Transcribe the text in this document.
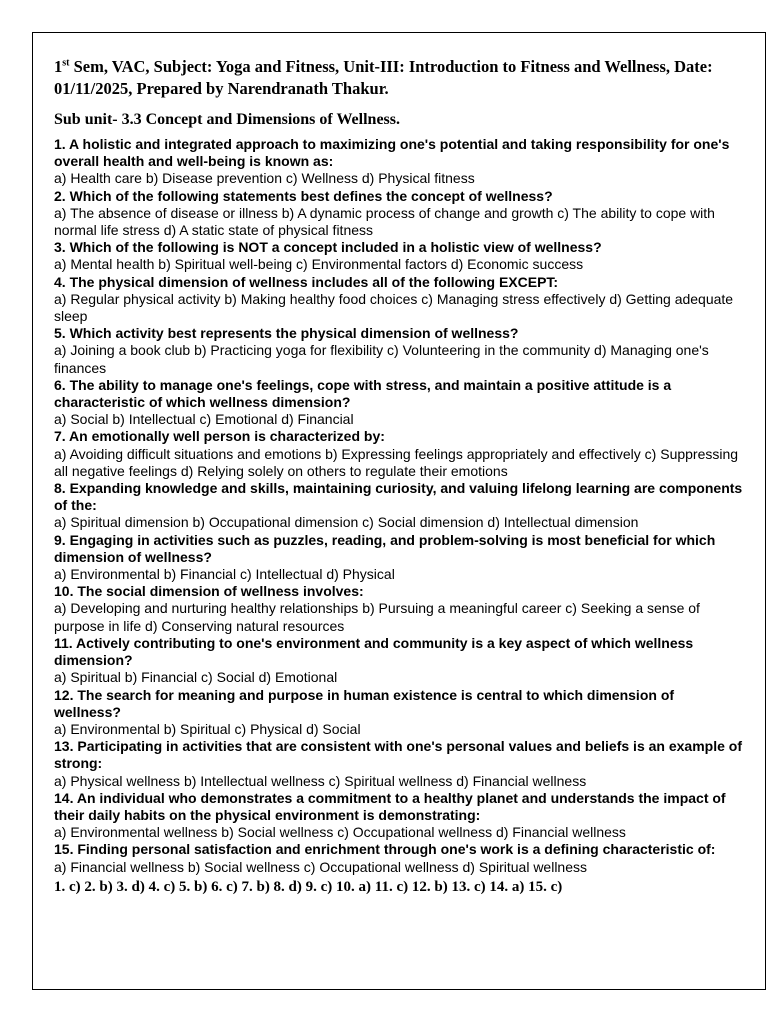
1st Sem, VAC, Subject: Yoga and Fitness, Unit-III: Introduction to Fitness and Wellness, Date: 01/11/2025, Prepared by Narendranath Thakur.
Sub unit- 3.3 Concept and Dimensions of Wellness.
1. A holistic and integrated approach to maximizing one's potential and taking responsibility for one's overall health and well-being is known as:
a) Health care b) Disease prevention c) Wellness d) Physical fitness
2. Which of the following statements best defines the concept of wellness?
a) The absence of disease or illness b) A dynamic process of change and growth c) The ability to cope with normal life stress d) A static state of physical fitness
3. Which of the following is NOT a concept included in a holistic view of wellness?
a) Mental health b) Spiritual well-being c) Environmental factors d) Economic success
4. The physical dimension of wellness includes all of the following EXCEPT:
a) Regular physical activity b) Making healthy food choices c) Managing stress effectively d) Getting adequate sleep
5. Which activity best represents the physical dimension of wellness?
a) Joining a book club b) Practicing yoga for flexibility c) Volunteering in the community d) Managing one's finances
6. The ability to manage one's feelings, cope with stress, and maintain a positive attitude is a characteristic of which wellness dimension?
a) Social b) Intellectual c) Emotional d) Financial
7. An emotionally well person is characterized by:
a) Avoiding difficult situations and emotions b) Expressing feelings appropriately and effectively c) Suppressing all negative feelings d) Relying solely on others to regulate their emotions
8. Expanding knowledge and skills, maintaining curiosity, and valuing lifelong learning are components of the:
a) Spiritual dimension b) Occupational dimension c) Social dimension d) Intellectual dimension
9. Engaging in activities such as puzzles, reading, and problem-solving is most beneficial for which dimension of wellness?
a) Environmental b) Financial c) Intellectual d) Physical
10. The social dimension of wellness involves:
a) Developing and nurturing healthy relationships b) Pursuing a meaningful career c) Seeking a sense of purpose in life d) Conserving natural resources
11. Actively contributing to one's environment and community is a key aspect of which wellness dimension?
a) Spiritual b) Financial c) Social d) Emotional
12. The search for meaning and purpose in human existence is central to which dimension of wellness?
a) Environmental b) Spiritual c) Physical d) Social
13. Participating in activities that are consistent with one's personal values and beliefs is an example of strong:
a) Physical wellness b) Intellectual wellness c) Spiritual wellness d) Financial wellness
14. An individual who demonstrates a commitment to a healthy planet and understands the impact of their daily habits on the physical environment is demonstrating:
a) Environmental wellness b) Social wellness c) Occupational wellness d) Financial wellness
15. Finding personal satisfaction and enrichment through one's work is a defining characteristic of:
a) Financial wellness b) Social wellness c) Occupational wellness d) Spiritual wellness
1. c) 2. b) 3. d) 4. c) 5. b) 6. c) 7. b) 8. d) 9. c) 10. a) 11. c) 12. b) 13. c) 14. a) 15. c)
